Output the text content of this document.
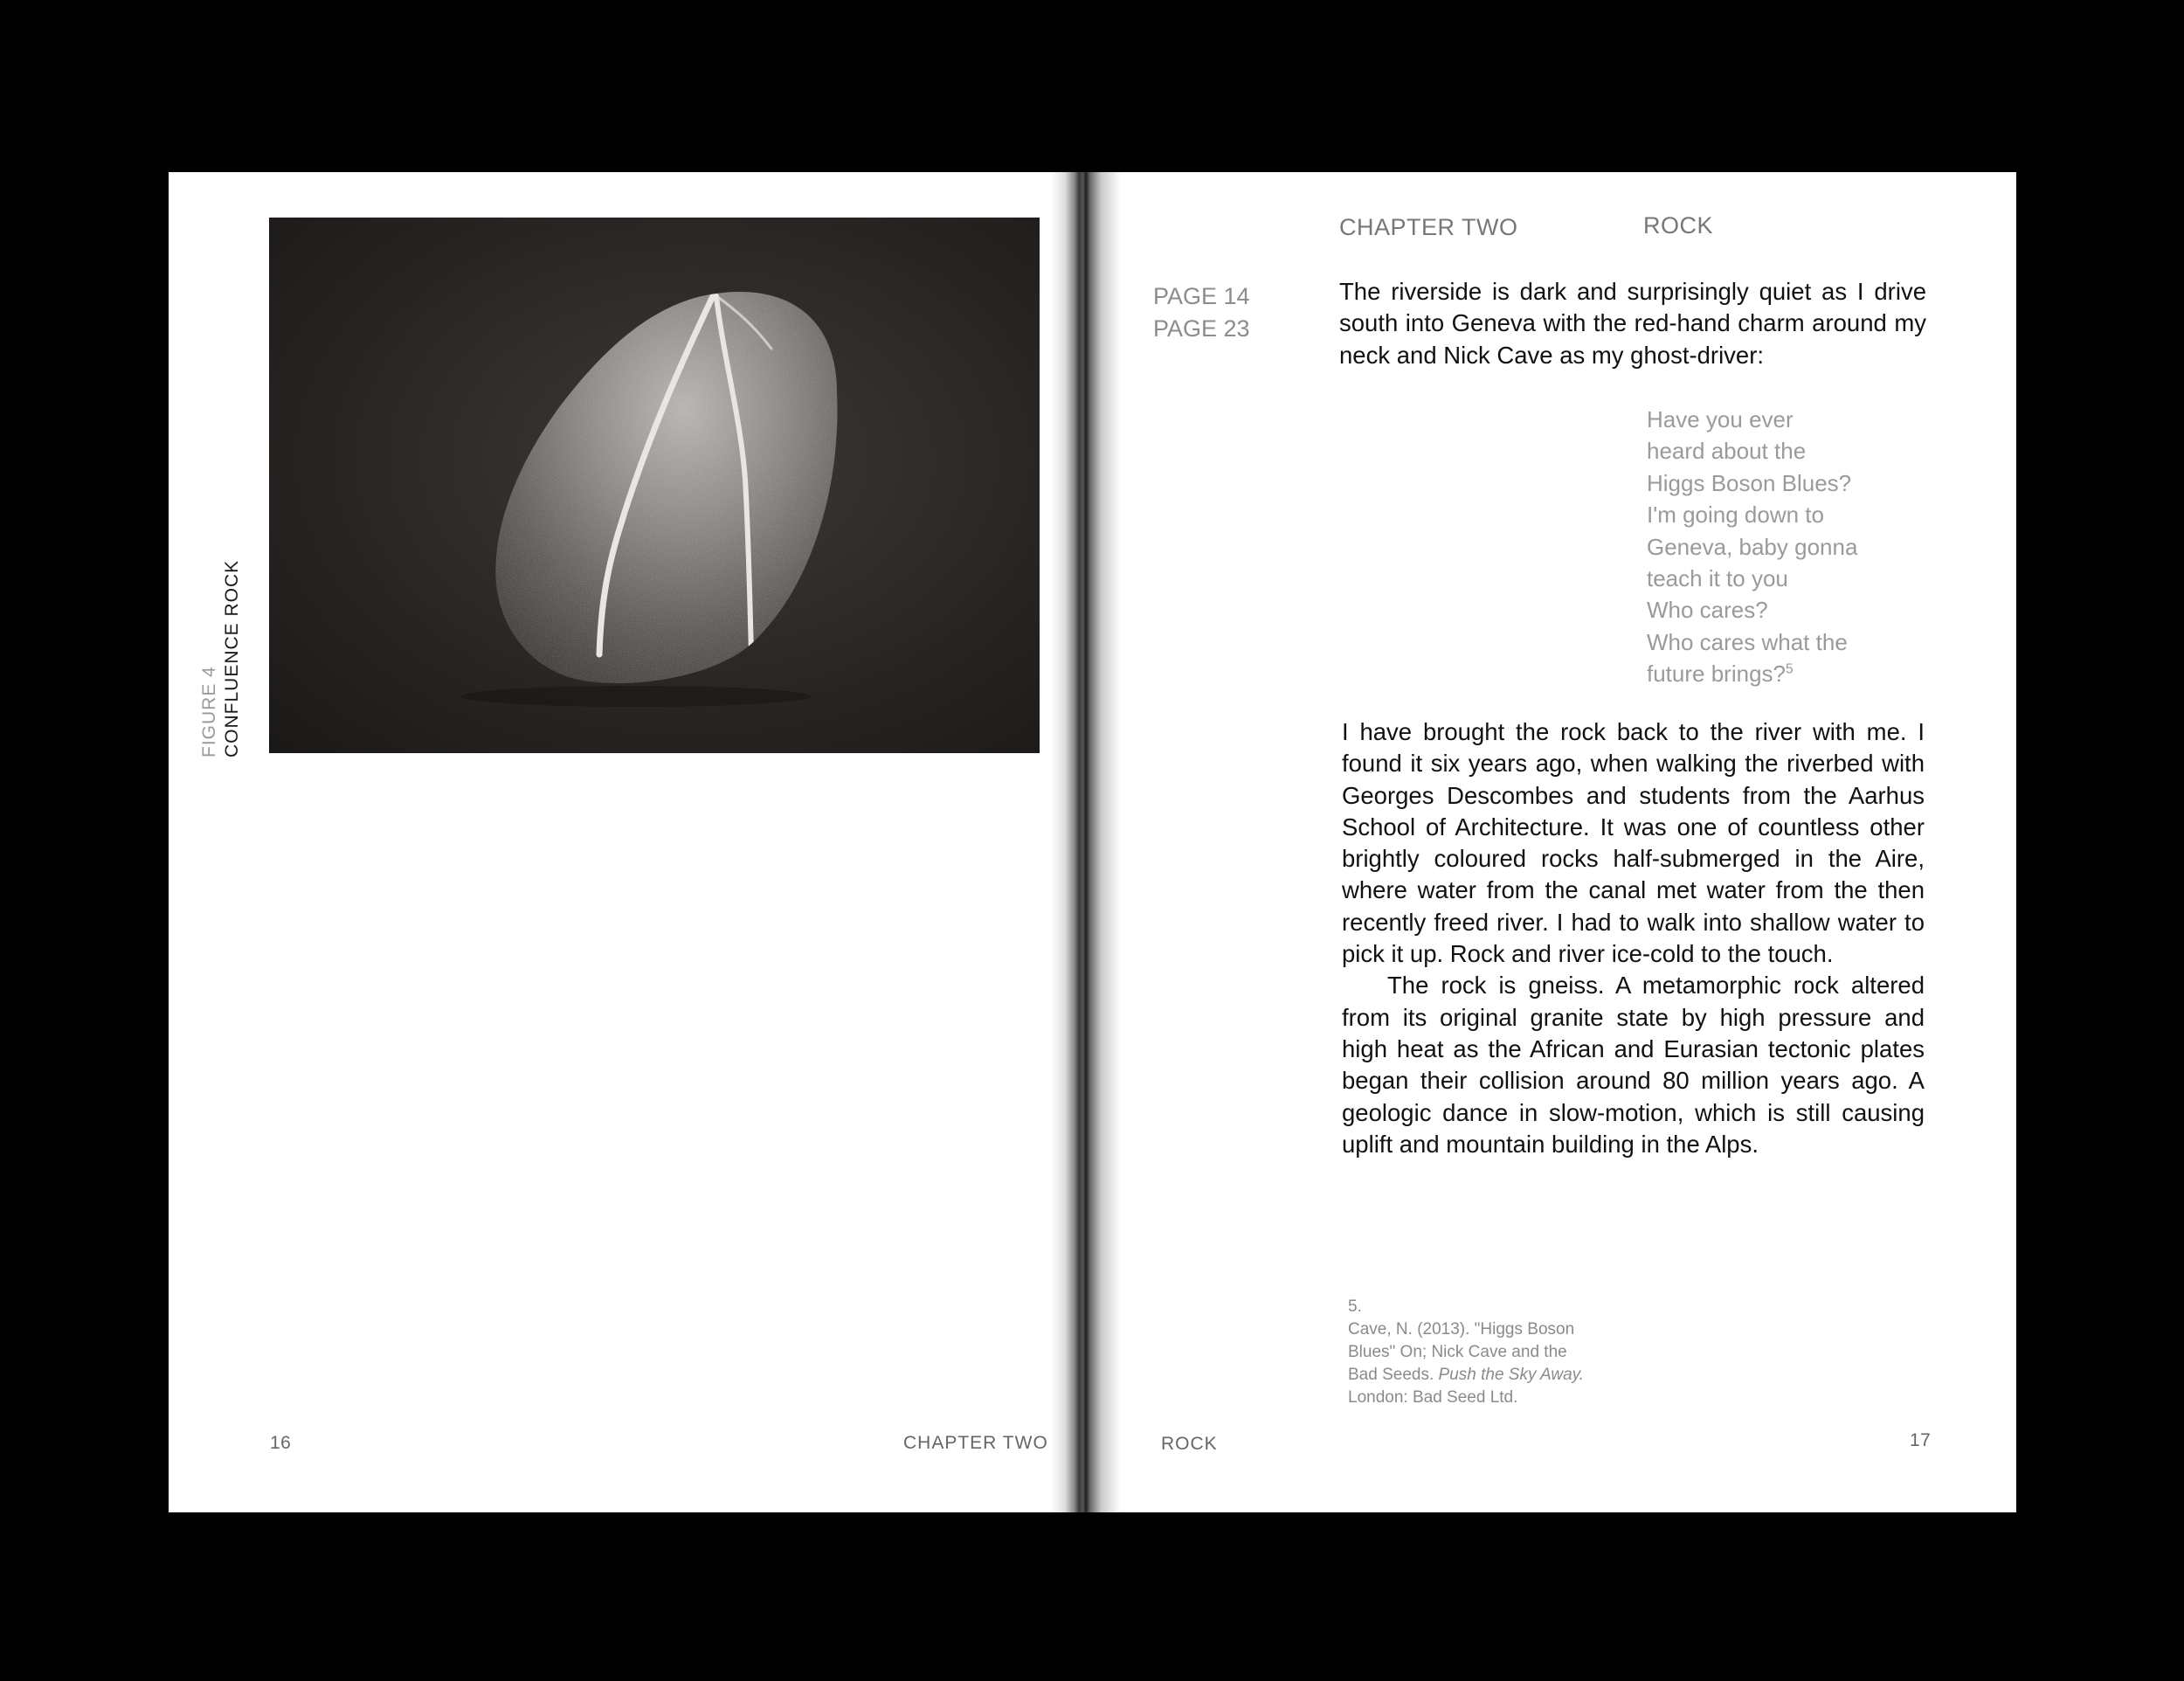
FIGURE 4 CONFLUENCE ROCK
16	CHAPTER TWO
CHAPTER TWO	ROCK
PAGE 14
PAGE 23

The riverside is dark and surprisingly quiet as I drive south into Geneva with the red-hand charm around my neck and Nick Cave as my ghost-driver:

Have you ever
heard about the
Higgs Boson Blues?
I'm going down to
Geneva, baby gonna
teach it to you
Who cares?
Who cares what the
future brings?$^5$

I have brought the rock back to the river with me. I found it six years ago, when walking the riverbed with Georges Descombes and students from the Aarhus School of Architecture. It was one of countless other brightly coloured rocks half-submerged in the Aire, where water from the canal met water from the then recently freed river. I had to walk into shallow water to pick it up. Rock and river ice-cold to the touch.

The rock is gneiss. A metamorphic rock altered from its original granite state by high pressure and high heat as the African and Eurasian tectonic plates began their collision around 80 million years ago. A geologic dance in slow-motion, which is still causing uplift and mountain building in the Alps.

5.
Cave, N. (2013). "Higgs Boson
Blues" On; Nick Cave and the
Bad Seeds. Push the Sky Away.
London: Bad Seed Ltd.
ROCK	17
